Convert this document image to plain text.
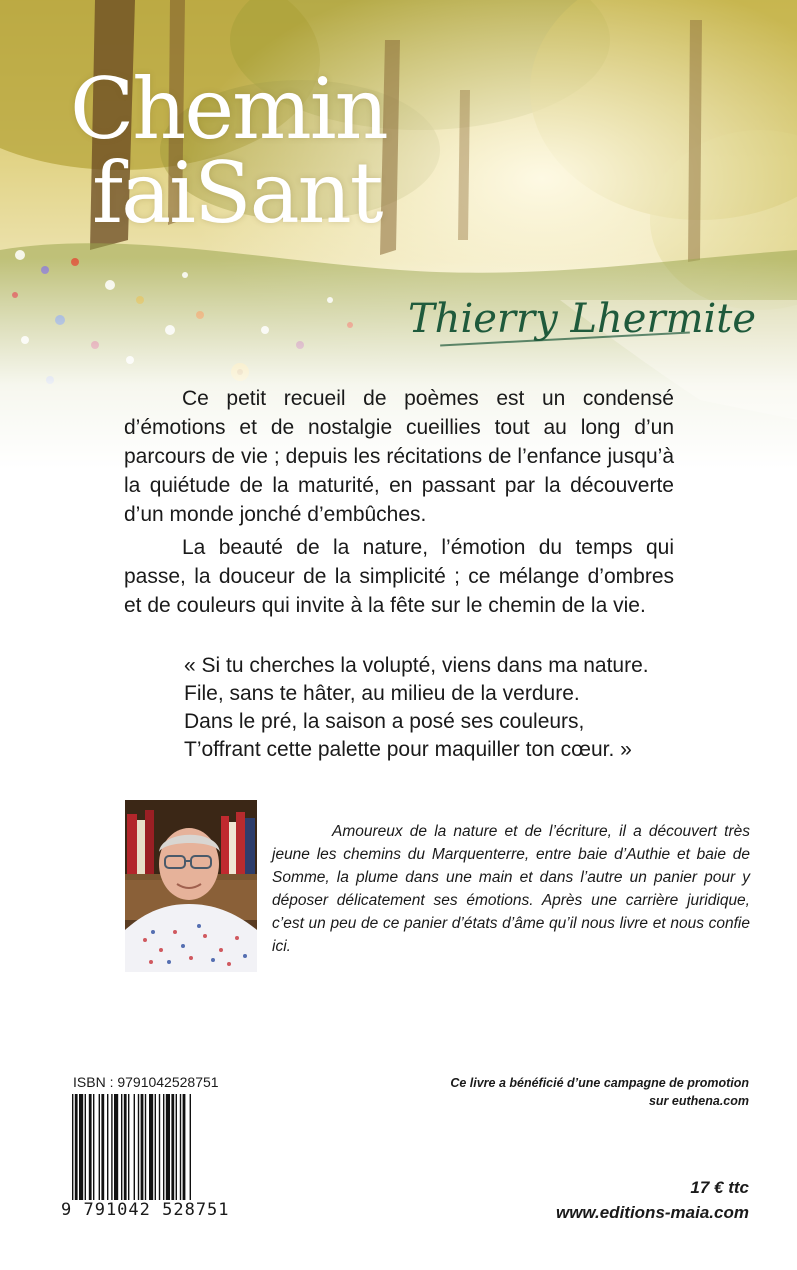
Chemin
faiSant
Thierry Lhermite

Ce petit recueil de poèmes est un condensé d’émotions et de nostalgie cueillies tout au long d’un parcours de vie ; depuis les récitations de l’enfance jusqu’à la quiétude de la maturité, en passant par la découverte d’un monde jonché d’embûches.

La beauté de la nature, l’émotion du temps qui passe, la douceur de la simplicité ; ce mélange d’ombres et de couleurs qui invite à la fête sur le chemin de la vie.

« Si tu cherches la volupté, viens dans ma nature.
File, sans te hâter, au milieu de la verdure.
Dans le pré, la saison a posé ses couleurs,
T’offrant cette palette pour maquiller ton cœur. »

Amoureux de la nature et de l’écriture, il a découvert très jeune les chemins du Marquenterre, entre baie d’Authie et baie de Somme, la plume dans une main et dans l’autre un panier pour y déposer délicatement ses émotions. Après une carrière juridique, c’est un peu de ce panier d’états d’âme qu’il nous livre et nous confie ici.

ISBN : 9791042528751
9 791042 528751
Ce livre a bénéficié d’une campagne de promotion
sur euthena.com
17 € ttc
www.editions-maia.com
